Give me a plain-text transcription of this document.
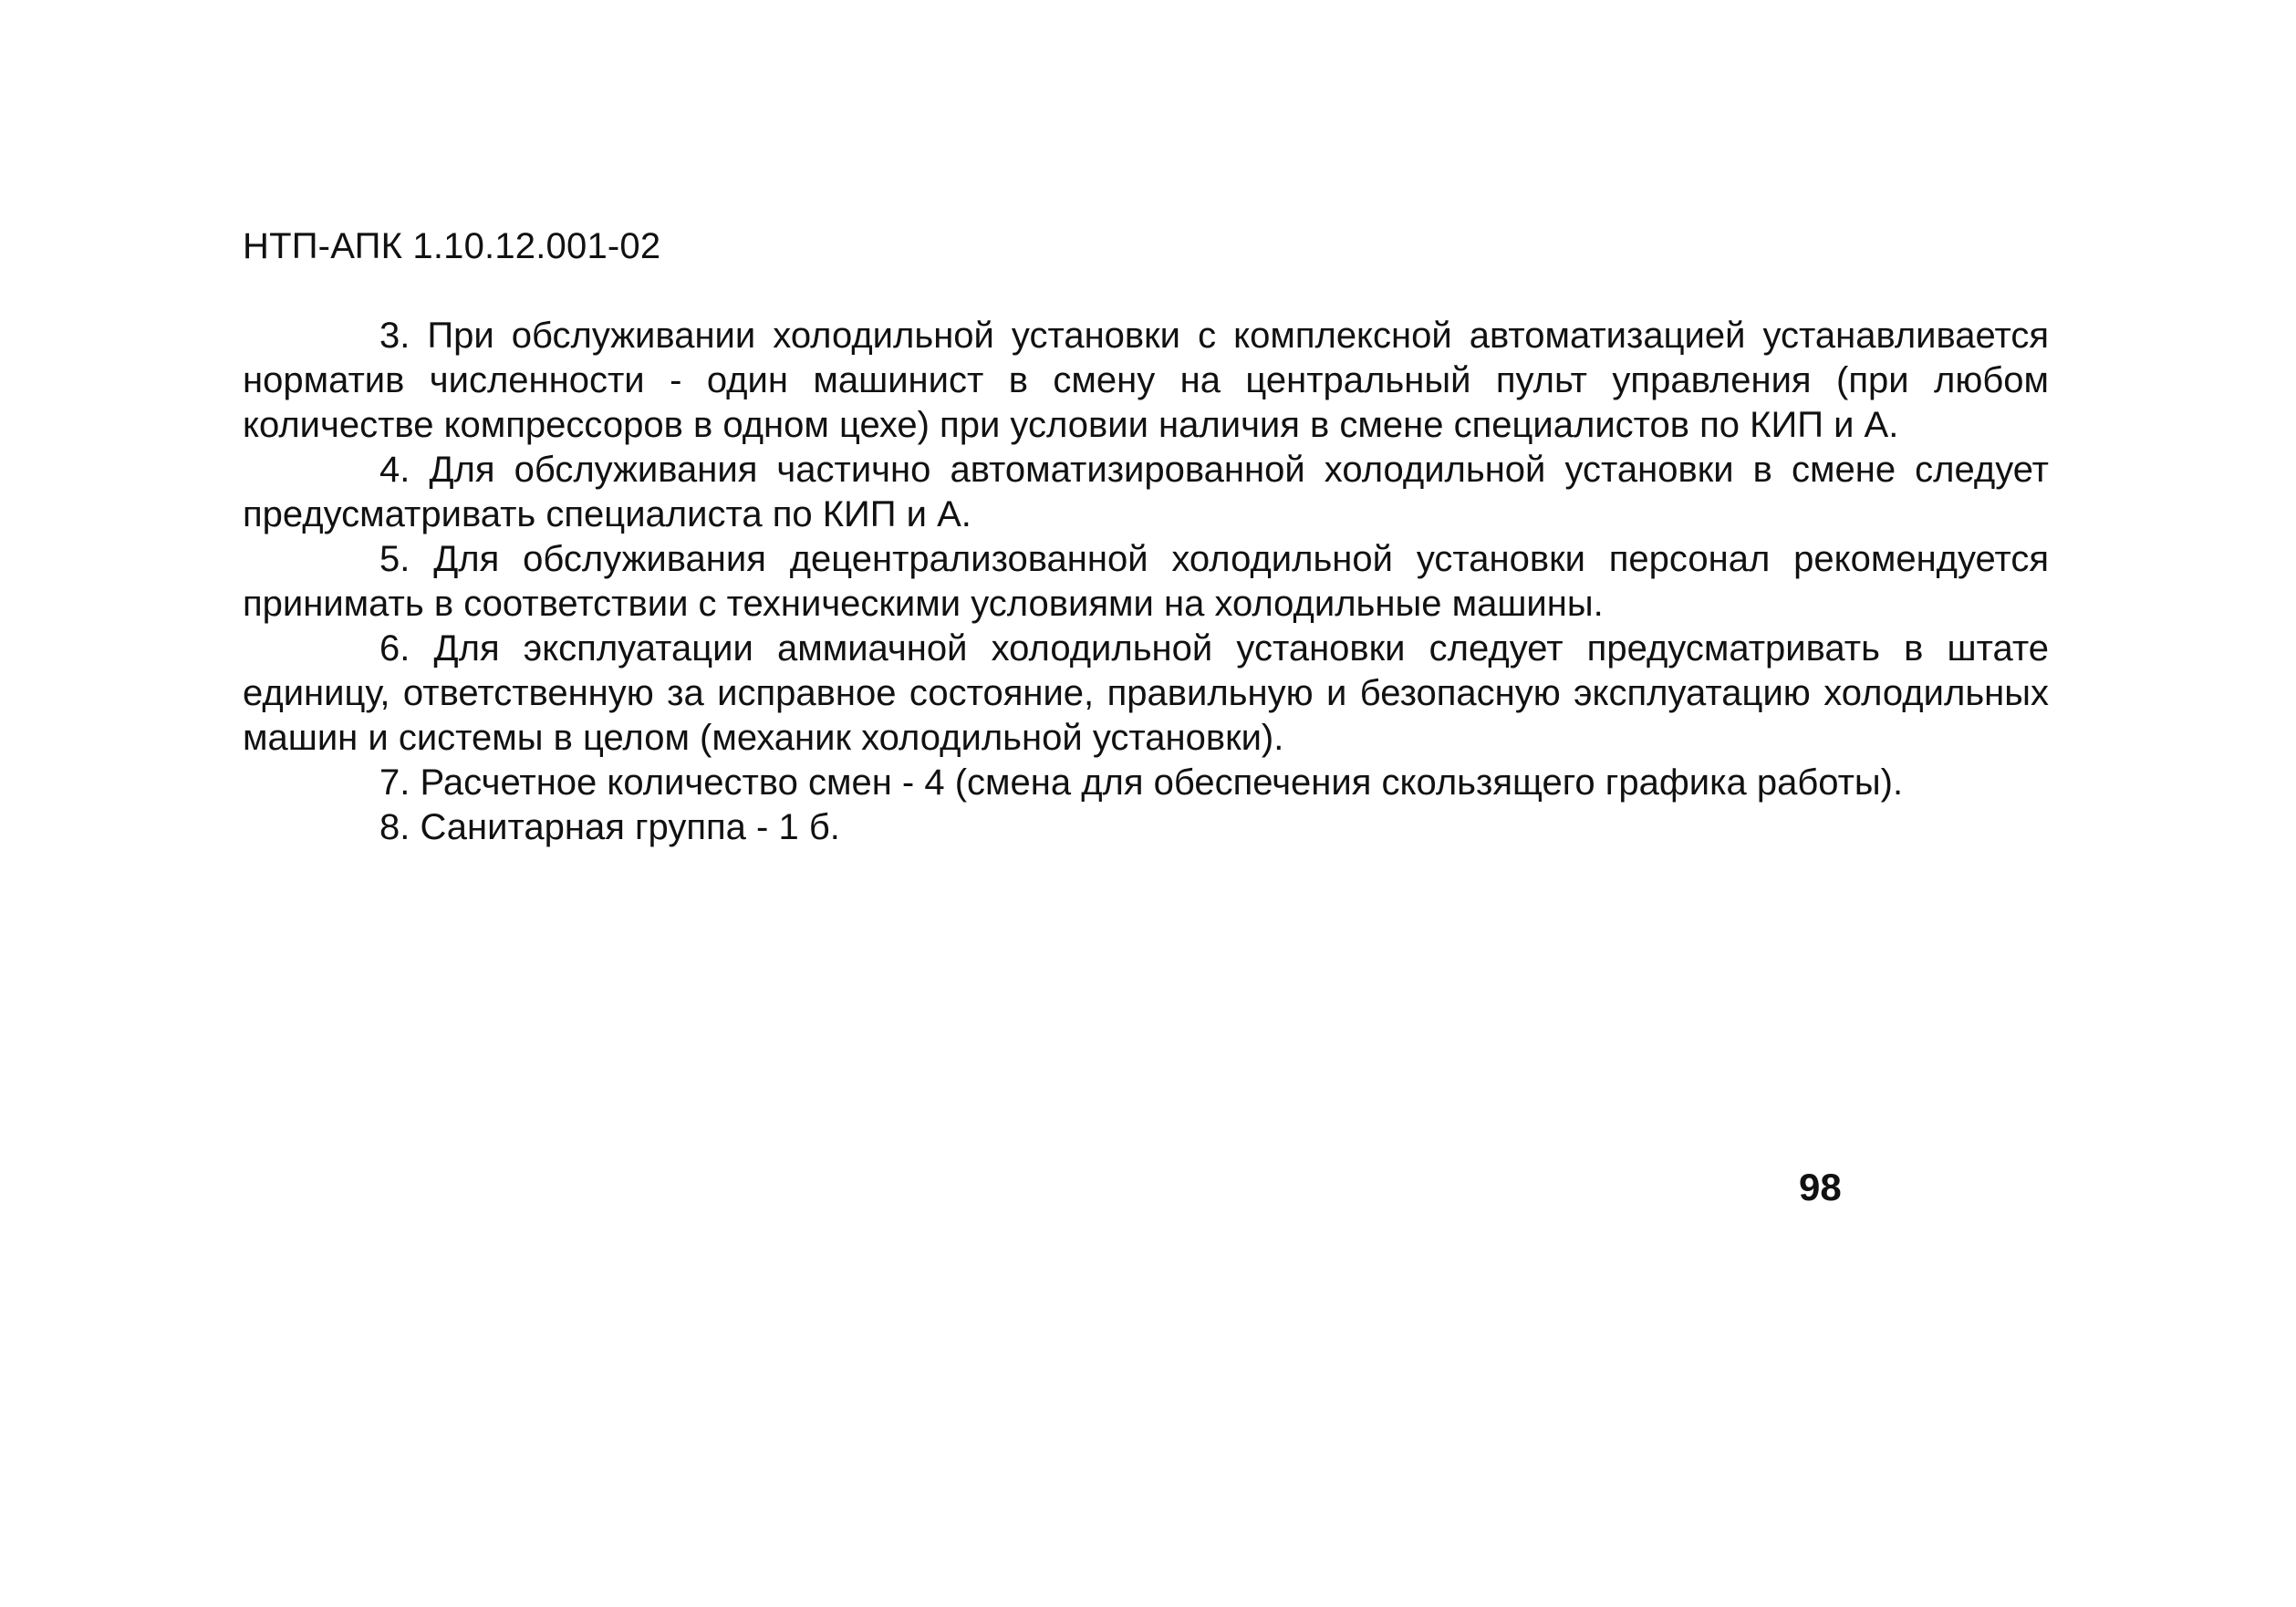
НТП-АПК 1.10.12.001-02

3. При обслуживании холодильной установки с комплексной автоматизацией устанавливается норматив численности - один машинист в смену на центральный пульт управления (при любом количестве компрессоров в одном цехе) при условии наличия в смене специалистов по КИП и А.

4. Для обслуживания частично автоматизированной холодильной установки в смене следует предусматривать специалиста по КИП и А.

5. Для обслуживания децентрализованной холодильной установки персонал рекомендуется принимать в соответствии с техническими условиями на холодильные машины.

6. Для эксплуатации аммиачной холодильной установки следует предусматривать в штате единицу, ответственную за исправное состояние, правильную и безопасную эксплуатацию холодильных машин и системы в целом (механик холодильной установки).

7. Расчетное количество смен - 4 (смена для обеспечения скользящего графика работы).

8. Санитарная группа - 1 б.

98
